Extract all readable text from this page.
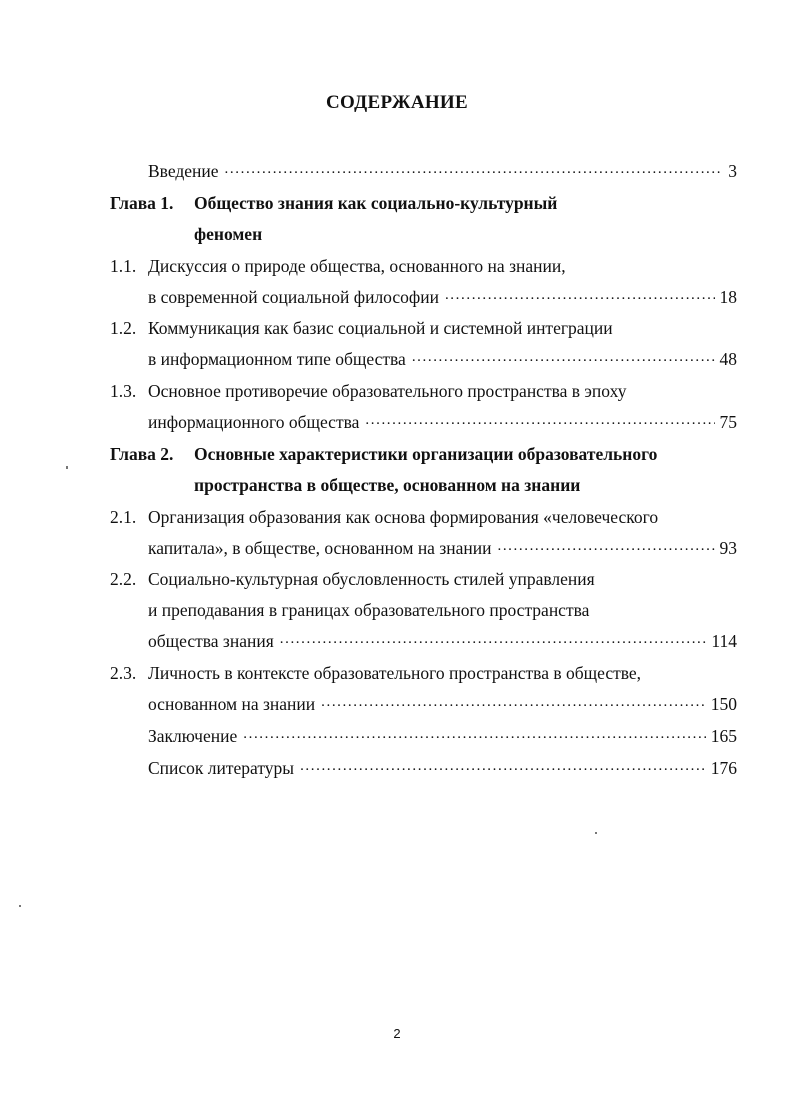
СОДЕРЖАНИЕ
Введение .....	3
Глава 1. Общество знания как социально-культурный
феномен
1.1. Дискуссия о природе общества, основанного на знании,
в современной социальной философии .....	18
1.2. Коммуникация как базис социальной и системной интеграции
в информационном типе общества .....	48
1.3. Основное противоречие образовательного пространства в эпоху
информационного общества .....	75
Глава 2. Основные характеристики организации образовательного
пространства в обществе, основанном на знании
2.1. Организация образования как основа формирования «человеческого
капитала», в обществе, основанном на знании .....	93
2.2. Социально-культурная обусловленность стилей управления
и преподавания в границах образовательного пространства
общества знания .....	114
2.3. Личность в контексте образовательного пространства в обществе,
основанном на знании .....	150
Заключение .....	165
Список литературы .....	176
2
